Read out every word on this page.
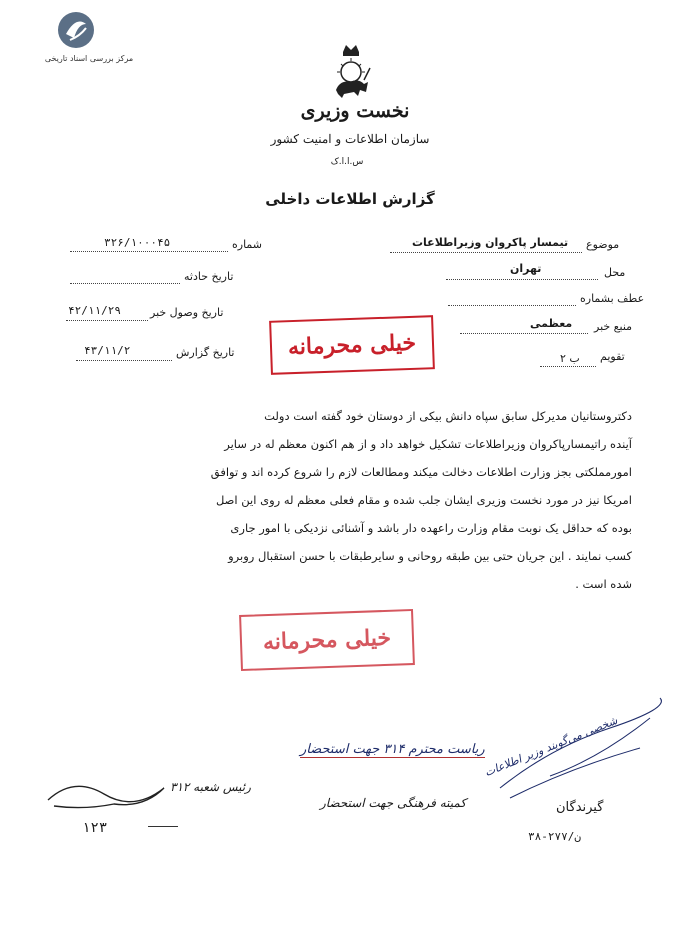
مرکز بررسی اسناد تاریخی
نخست وزیری
سازمان اطلاعات و امنیت کشور
س.ا.ا.ک
گزارش اطلاعات داخلی
شماره
۳۲۶/۱۰۰۰۴۵
تاریخ حادثه
تاریخ وصول خبر
۴۲/۱۱/۲۹
تاریخ گزارش
۴۳/۱۱/۲
موضوع
تیمسار پاکروان وزیراطلاعات
محل
تهران
عطف بشماره
منبع خبر
معظمی
تقویم
ب ۲
خیلی محرمانه

دکتروستانیان مدیرکل سابق سپاه دانش بیکی از دوستان خود گفته است دولت

آینده راتیمسارپاکروان وزیراطلاعات تشکیل خواهد داد و از هم اکنون معظم له در سایر

امورمملکتی بجز وزارت اطلاعات دخالت میکند ومطالعات لازم را شروع کرده اند و توافق

امریکا نیز در مورد نخست وزیری ایشان جلب شده و مقام فعلی معظم له روی این اصل

بوده که حداقل یک نوبت مقام وزارت راعهده دار باشد و آشنائی نزدیکی با امور جاری

کسب نمایند . این جریان حتی بین طبقه روحانی و سایرطبقات با حسن استقبال روبرو

شده است .

خیلی محرمانه
ریاست محترم ۳۱۴ جهت استحضار
کمیته فرهنگی جهت استحضار
رئیس شعبه ۳۱۲
۱۲۳
شخصی می‌گویند وزیر اطلاعات
گیرندگان
۳۸-۲۷۷/ن
